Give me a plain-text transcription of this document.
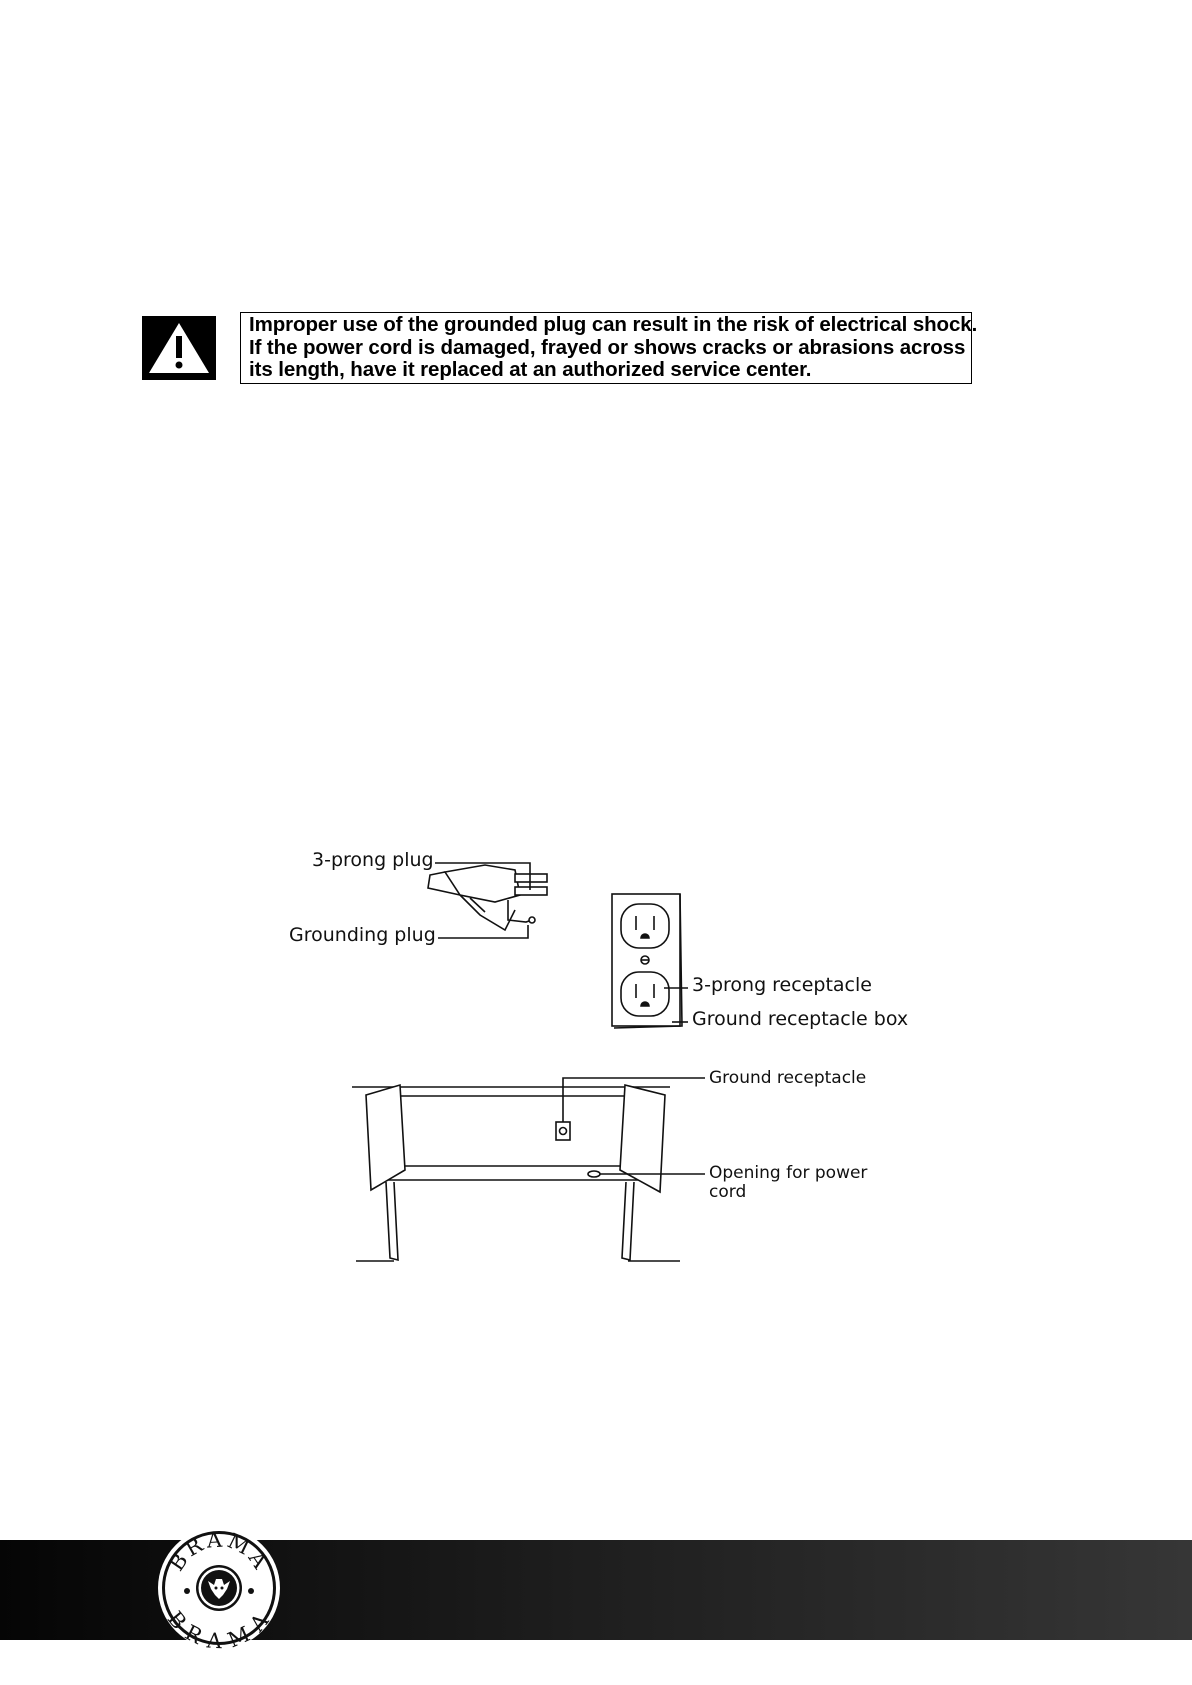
Improper use of the grounded plug can result in the risk of electrical shock.
If the power cord is damaged, frayed or shows cracks or abrasions across
its length, have it replaced at an authorized service center.
3-prong plug
Grounding plug
3-prong receptacle
Ground receptacle box
Ground receptacle
Opening for power
cord
BRAMA
BRAMA
